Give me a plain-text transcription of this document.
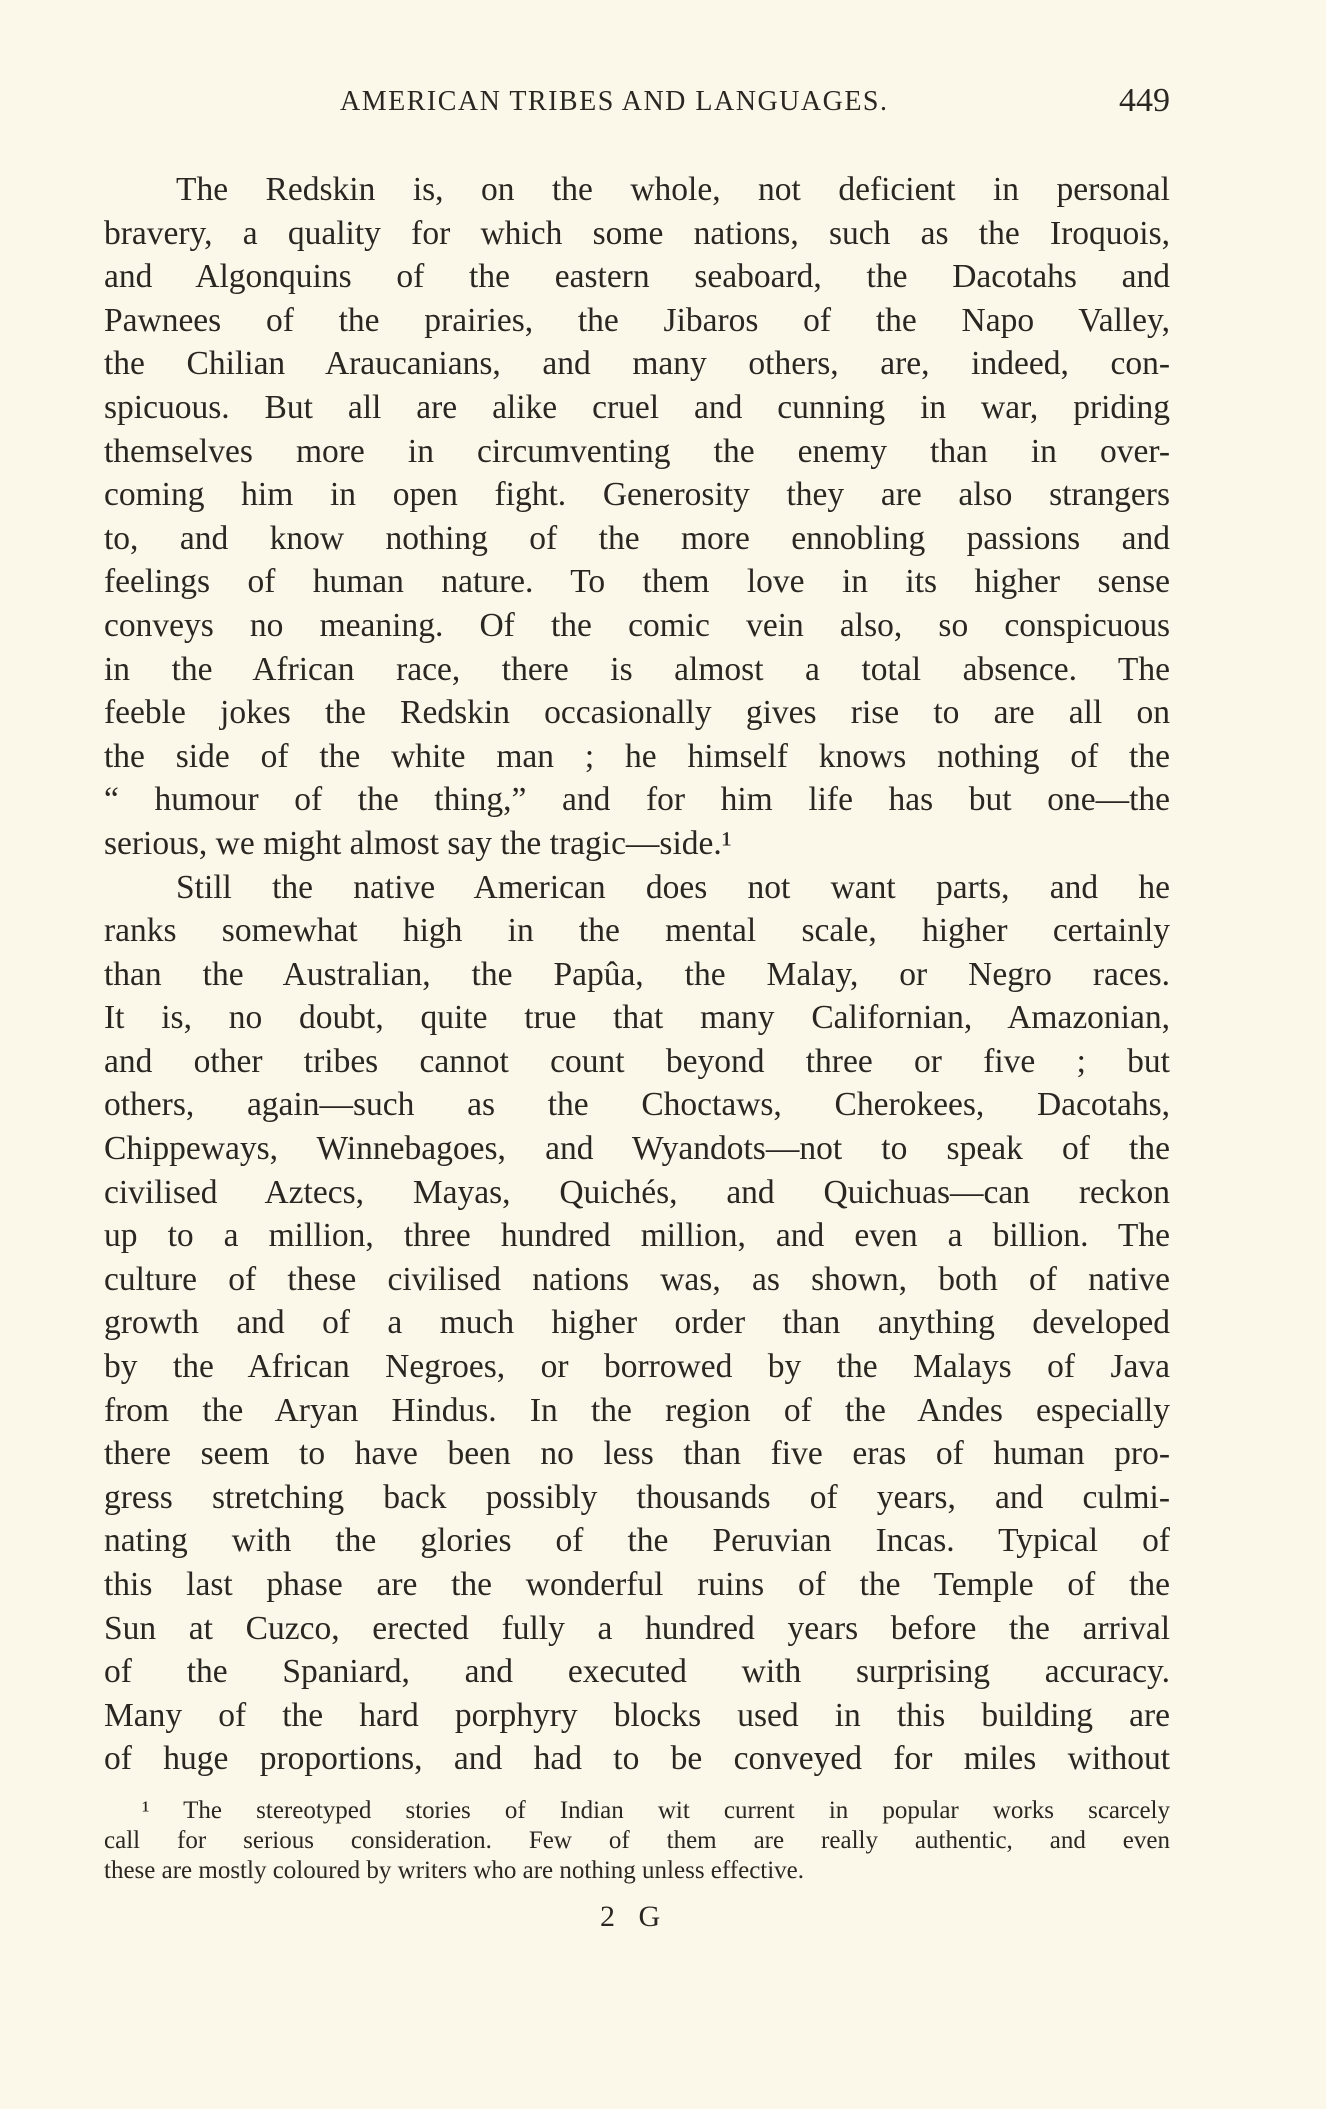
AMERICAN TRIBES AND LANGUAGES.	449
The Redskin is, on the whole, not deficient in personal
bravery, a quality for which some nations, such as the Iroquois,
and Algonquins of the eastern seaboard, the Dacotahs and
Pawnees of the prairies, the Jibaros of the Napo Valley,
the Chilian Araucanians, and many others, are, indeed, con-
spicuous. But all are alike cruel and cunning in war, priding
themselves more in circumventing the enemy than in over-
coming him in open fight. Generosity they are also strangers
to, and know nothing of the more ennobling passions and
feelings of human nature. To them love in its higher sense
conveys no meaning. Of the comic vein also, so conspicuous
in the African race, there is almost a total absence. The
feeble jokes the Redskin occasionally gives rise to are all on
the side of the white man ; he himself knows nothing of the
“ humour of the thing,” and for him life has but one—the
serious, we might almost say the tragic—side.¹
Still the native American does not want parts, and he
ranks somewhat high in the mental scale, higher certainly
than the Australian, the Papûa, the Malay, or Negro races.
It is, no doubt, quite true that many Californian, Amazonian,
and other tribes cannot count beyond three or five ; but
others, again—such as the Choctaws, Cherokees, Dacotahs,
Chippeways, Winnebagoes, and Wyandots—not to speak of the
civilised Aztecs, Mayas, Quichés, and Quichuas—can reckon
up to a million, three hundred million, and even a billion. The
culture of these civilised nations was, as shown, both of native
growth and of a much higher order than anything developed
by the African Negroes, or borrowed by the Malays of Java
from the Aryan Hindus. In the region of the Andes especially
there seem to have been no less than five eras of human pro-
gress stretching back possibly thousands of years, and culmi-
nating with the glories of the Peruvian Incas. Typical of
this last phase are the wonderful ruins of the Temple of the
Sun at Cuzco, erected fully a hundred years before the arrival
of the Spaniard, and executed with surprising accuracy.
Many of the hard porphyry blocks used in this building are
of huge proportions, and had to be conveyed for miles without
¹ The stereotyped stories of Indian wit current in popular works scarcely
call for serious consideration. Few of them are really authentic, and even
these are mostly coloured by writers who are nothing unless effective.
2 G
